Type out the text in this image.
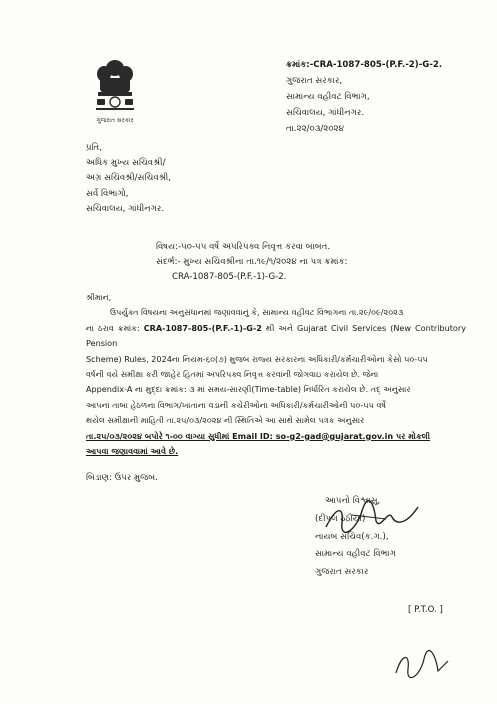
ગુજરાત સરકાર
ક્રમાંક:-CRA-1087-805-(P.F.-2)-G-2.
ગુજરાત સરકાર,
સામાન્ય વહીવટ વિભાગ,
સચિવાલય, ગાંધીનગર.
તા.૨૨/૦૩/૨૦૨૪
પ્રતિ,
અધિક મુખ્ય સચિવશ્રી/
અગ્ર સચિવશ્રી/સચિવશ્રી,
સર્વે વિભાગો,
સચિવાલય, ગાંધીનગર.
વિષય:-૫૦-૫૫ વર્ષે અપરિપક્વ નિવૃત્ત કરવા બાબત.
સંદર્ભ:- મુખ્ય સચિવશ્રીના તા.૧૯/૧/૨૦૨૪ ના પત્ર ક્રમાંક:
CRA-1087-805-(P.F.-1)-G-2.
શ્રીમાન,
ઉપર્યુક્ત વિષયના અનુસંધાનમાં જણાવવાનું કે, સામાન્ય વહીવટ વિભાગના તા.૨૯/૦૯/૨૦૨૩
ના ઠરાવ ક્રમાંક: CRA-1087-805-(P.F.-1)-G-2 થી અને Gujarat Civil Services (New Contributory Pension
Scheme) Rules, 2024ના નિયમ-૬૦(૭) મુજબ રાજ્ય સરકારના અધિકારી/કર્મચારીઓના કેસો ૫૦-૫૫
વર્ષની વયે સમીક્ષા કરી જાહેર હિતમાં અપરિપક્વ નિવૃત્ત કરવાની જોગવાઇ કરાયેલ છે. જેના
Appendix-A ના મુદ્દા ક્રમાંક: ૩ માં સમય-સારણી(Time-table) નિર્ધારિત કરાયેલ છે. તદ્‌ અનુસાર
આપના તાબા હેઠળના વિભાગ/ખાતાના વડાની કચેરીઓના અધિકારી/કર્મચારીઓની ૫૦-૫૫ વર્ષે
થયેલ સમીક્ષાની માહિતી તા.૨૫/૦૩/૨૦૨૪ ની સ્થિતિએ આ સાથે સામેલ પત્રક અનુસાર
તા.૨૫/૦૩/૨૦૨૪ બપોરે ૧-૦૦ વાગ્યા સુધીમાં Email ID: so-g2-gad@gujarat.gov.in પર મોકલી
આપવા જણાવવામાં આવે છે.
બિડાણ: ઉપર મુજબ.
આપનો વિશ્વાસુ,
(દીપલ ઠઠીયા)
નાયબ સચિવ(ક.ગ.),
સામાન્ય વહીવટ વિભાગ
ગુજરાત સરકાર
[ P.T.O. ]
